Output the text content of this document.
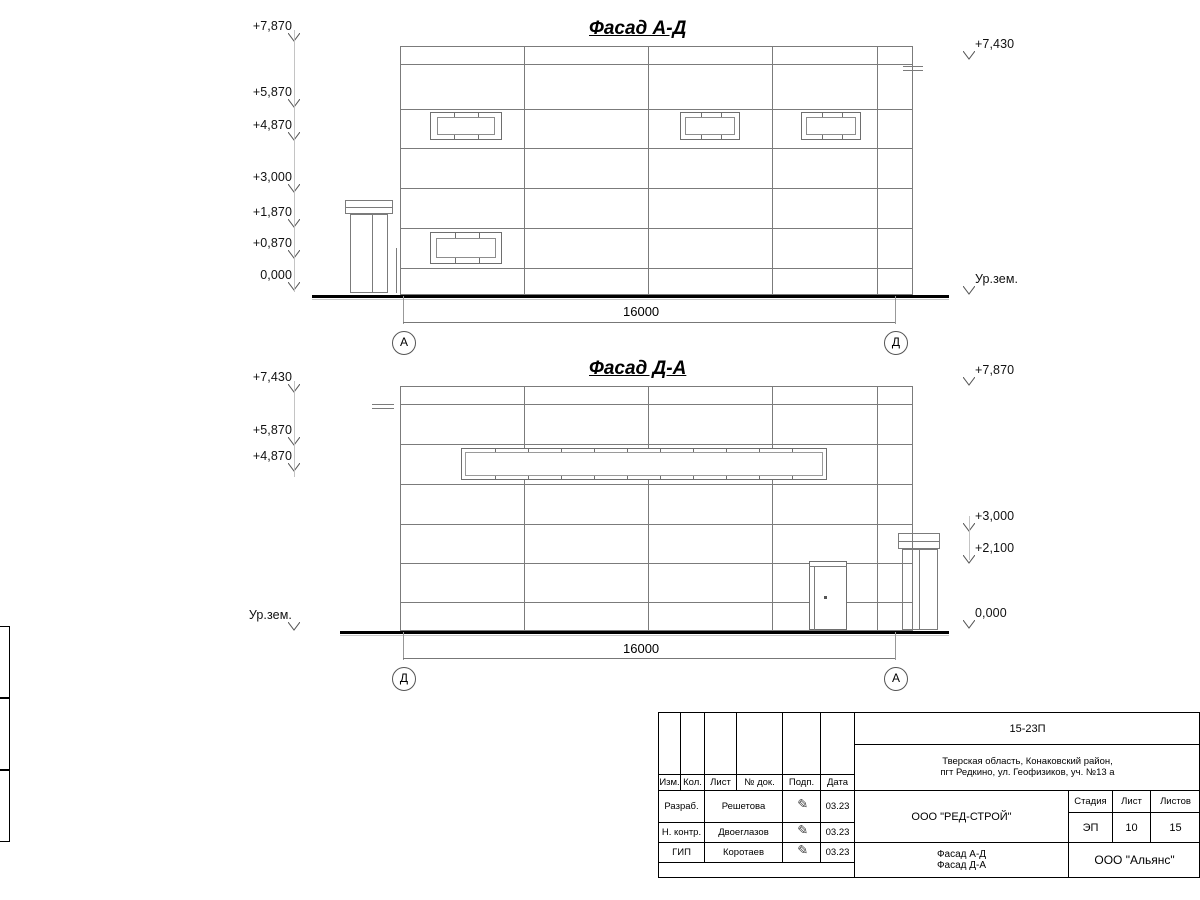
Фасад А-Д
+7,870
+5,870
+4,870
+3,000
+1,870
+0,870
0,000
+7,430
Ур.зем.
16000
А	Д
Фасад Д-А
+7,430
+5,870
+4,870
Ур.зем.
+7,870
+3,000
+2,100
0,000
16000
Д	А
Изм. Кол. Лист	№ док.	Подп.	Дата
Разраб.	Решетова	✎	03.23
Н. контр.	Двоеглазов	✎	03.23
ГИП	Коротаев	✎	03.23
15-23П
Тверская область, Конаковский район,
пгт Редкино, ул. Геофизиков, уч. №13 а
ООО "РЕД-СТРОЙ"
Фасад А-Д
Фасад Д-А
Стадия	Лист	Листов
ЭП	10	15
ООО "Альянс"
